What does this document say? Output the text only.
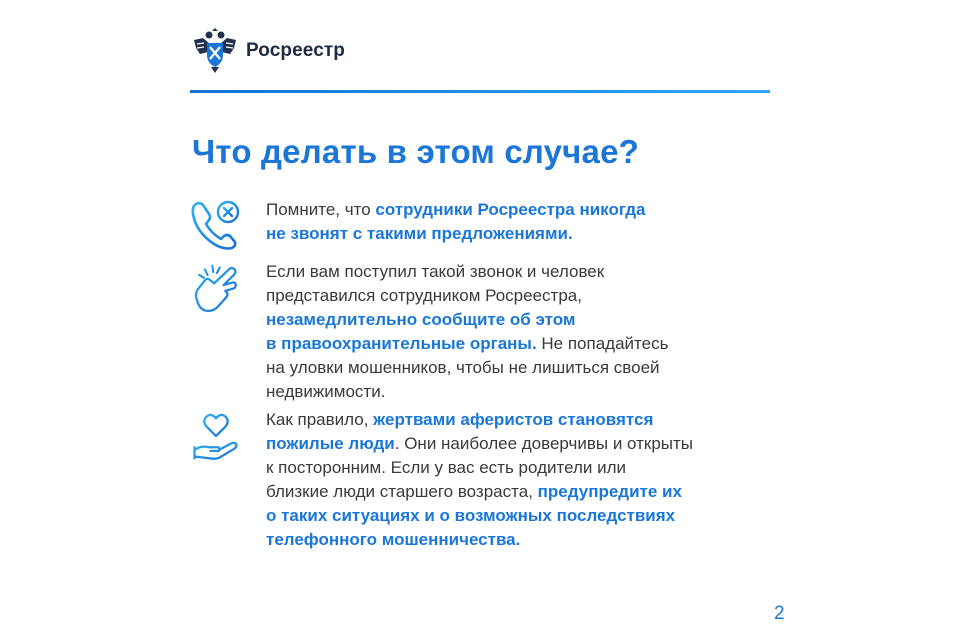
Росреестр
Что делать в этом случае?
Помните, что сотрудники Росреестра никогда
не звонят с такими предложениями.
Если вам поступил такой звонок и человек
представился сотрудником Росреестра,
незамедлительно сообщите об этом
в правоохранительные органы. Не попадайтесь
на уловки мошенников, чтобы не лишиться своей
недвижимости.
Как правило, жертвами аферистов становятся
пожилые люди. Они наиболее доверчивы и открыты
к посторонним. Если у вас есть родители или
близкие люди старшего возраста, предупредите их
о таких ситуациях и о возможных последствиях
телефонного мошенничества.
2
